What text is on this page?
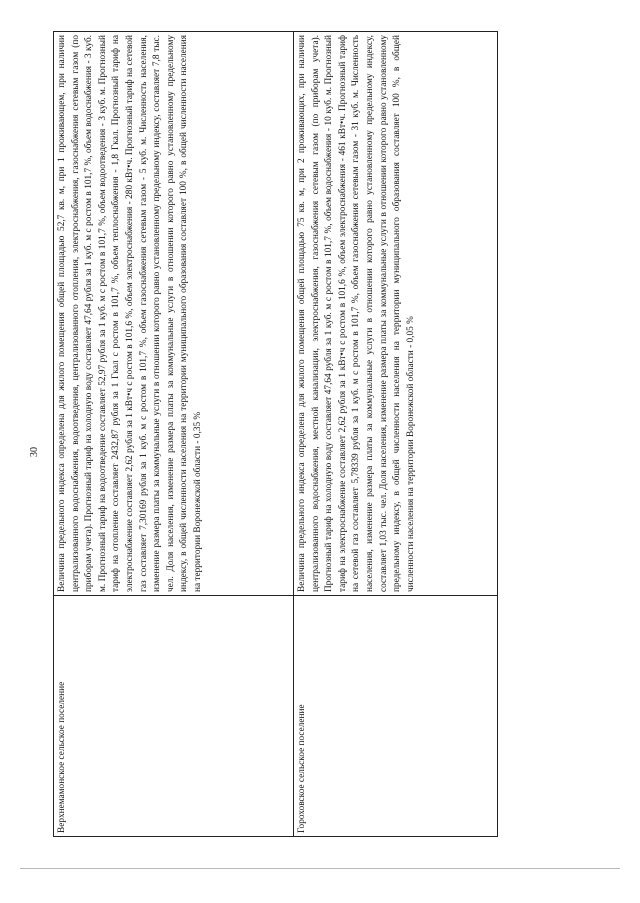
30
Верхнемамонское сельское поселение	Величина предельного индекса определена для жилого помещения общей площадью 52,7 кв. м, при 1 проживающем, при наличии централизованного водоснабжения, водоотведения, централизованного отопления, электроснабжения, газоснабжения сетевым газом (по приборам учета). Прогнозный тариф на холодную воду составляет 47,64 рубля за 1 куб. м с ростом в 101,7 %, объем водоснабжения - 3 куб. м. Прогнозный тариф на водоотведение составляет 52,97 рубля за 1 куб. м с ростом в 101,7 %, объем водоотведения - 3 куб. м. Прогнозный тариф на отопление составляет 2432,87 рубля за 1 Гкал с ростом в 101,7 %, объем теплоснабжения - 1,8 Гкал. Прогнозный тариф на электроснабжение составляет 2,62 рубля за 1 кВт•ч с ростом в 101,6 %, объем электроснабжения - 280 кВт•ч. Прогнозный тариф на сетевой газ составляет 7,30169 рубля за 1 куб. м с ростом в 101,7 %, объем газоснабжения сетевым газом - 5 куб. м. Численность населения, изменение размера платы за коммунальные услуги в отношении которого равно установленному предельному индексу, составляет 7,8 тыс. чел. Доля населения, изменение размера платы за коммунальные услуги в отношении которого равно установленному предельному индексу, в общей численности населения на территории муниципального образования составляет 100 %, в общей численности населения на территории Воронежской области - 0,35 %
Гороховское сельское поселение	Величина предельного индекса определена для жилого помещения общей площадью 75 кв. м, при 2 проживающих, при наличии централизованного водоснабжения, местной канализации, электроснабжения, газоснабжения сетевым газом (по приборам учета). Прогнозный тариф на холодную воду составляет 47,64 рубля за 1 куб. м с ростом в 101,7 %, объем водоснабжения - 10 куб. м. Прогнозный тариф на электроснабжение составляет 2,62 рубля за 1 кВт•ч с ростом в 101,6 %, объем электроснабжения - 461 кВт•ч. Прогнозный тариф на сетевой газ составляет 5,78339 рубля за 1 куб. м с ростом в 101,7 %, объем газоснабжения сетевым газом - 31 куб. м. Численность населения, изменение размера платы за коммунальные услуги в отношении которого равно установленному предельному индексу, составляет 1,03 тыс. чел. Доля населения, изменение размера платы за коммунальные услуги в отношении которого равно установленному предельному индексу, в общей численности населения на территории муниципального образования составляет 100 %, в общей численности населения на территории Воронежской области - 0,05 %
